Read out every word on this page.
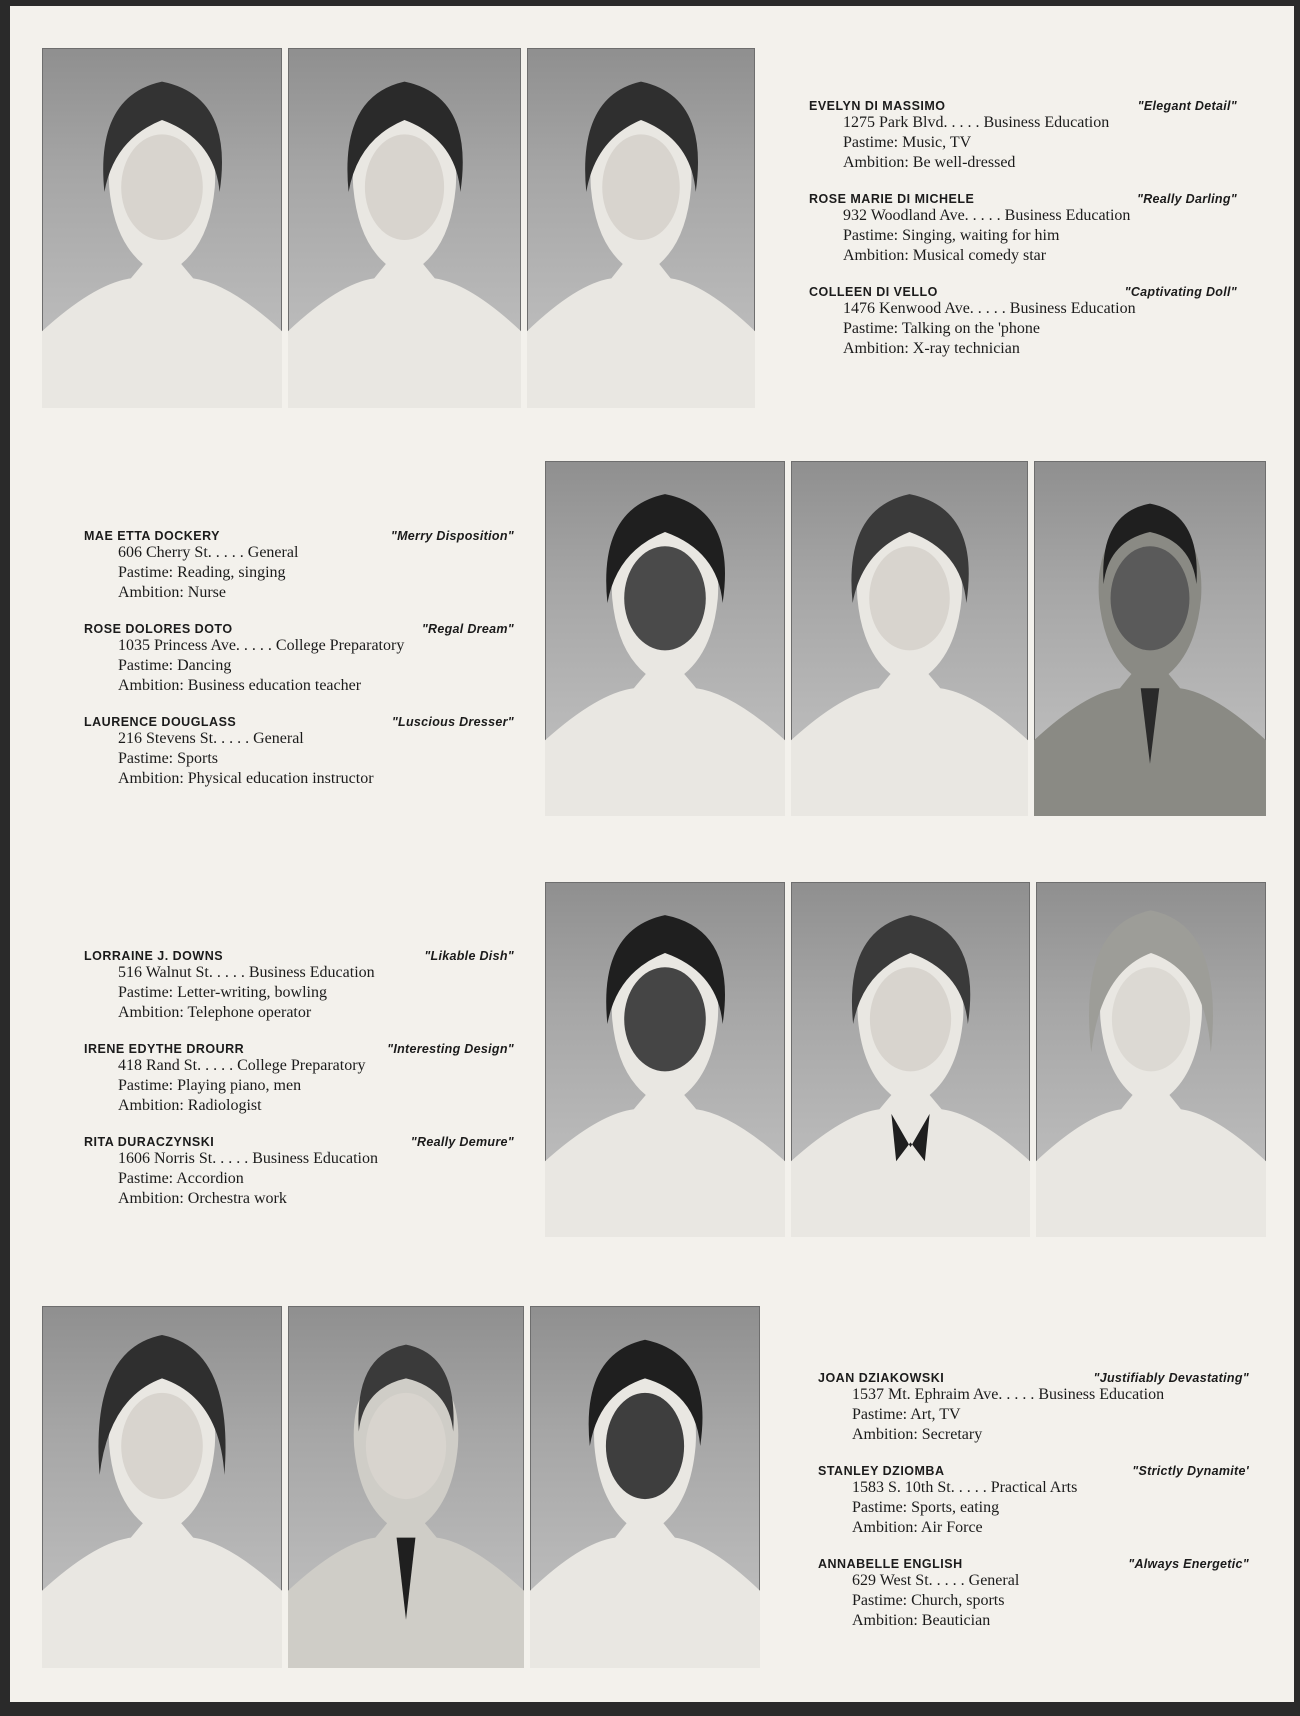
EVELYN DI MASSIMO	"Elegant Detail"
1275 Park Blvd. . . . . Business Education
Pastime: Music, TV
Ambition: Be well-dressed
ROSE MARIE DI MICHELE	"Really Darling"
932 Woodland Ave. . . . . Business Education
Pastime: Singing, waiting for him
Ambition: Musical comedy star
COLLEEN DI VELLO	"Captivating Doll"
1476 Kenwood Ave. . . . . Business Education
Pastime: Talking on the 'phone
Ambition: X-ray technician
MAE ETTA DOCKERY	"Merry Disposition"
606 Cherry St. . . . . General
Pastime: Reading, singing
Ambition: Nurse
ROSE DOLORES DOTO	"Regal Dream"
1035 Princess Ave. . . . . College Preparatory
Pastime: Dancing
Ambition: Business education teacher
LAURENCE DOUGLASS	"Luscious Dresser"
216 Stevens St. . . . . General
Pastime: Sports
Ambition: Physical education instructor
LORRAINE J. DOWNS	"Likable Dish"
516 Walnut St. . . . . Business Education
Pastime: Letter-writing, bowling
Ambition: Telephone operator
IRENE EDYTHE DROURR	"Interesting Design"
418 Rand St. . . . . College Preparatory
Pastime: Playing piano, men
Ambition: Radiologist
RITA DURACZYNSKI	"Really Demure"
1606 Norris St. . . . . Business Education
Pastime: Accordion
Ambition: Orchestra work
JOAN DZIAKOWSKI	"Justifiably Devastating"
1537 Mt. Ephraim Ave. . . . . Business Education
Pastime: Art, TV
Ambition: Secretary
STANLEY DZIOMBA	"Strictly Dynamite'
1583 S. 10th St. . . . . Practical Arts
Pastime: Sports, eating
Ambition: Air Force
ANNABELLE ENGLISH	"Always Energetic"
629 West St. . . . . General
Pastime: Church, sports
Ambition: Beautician
